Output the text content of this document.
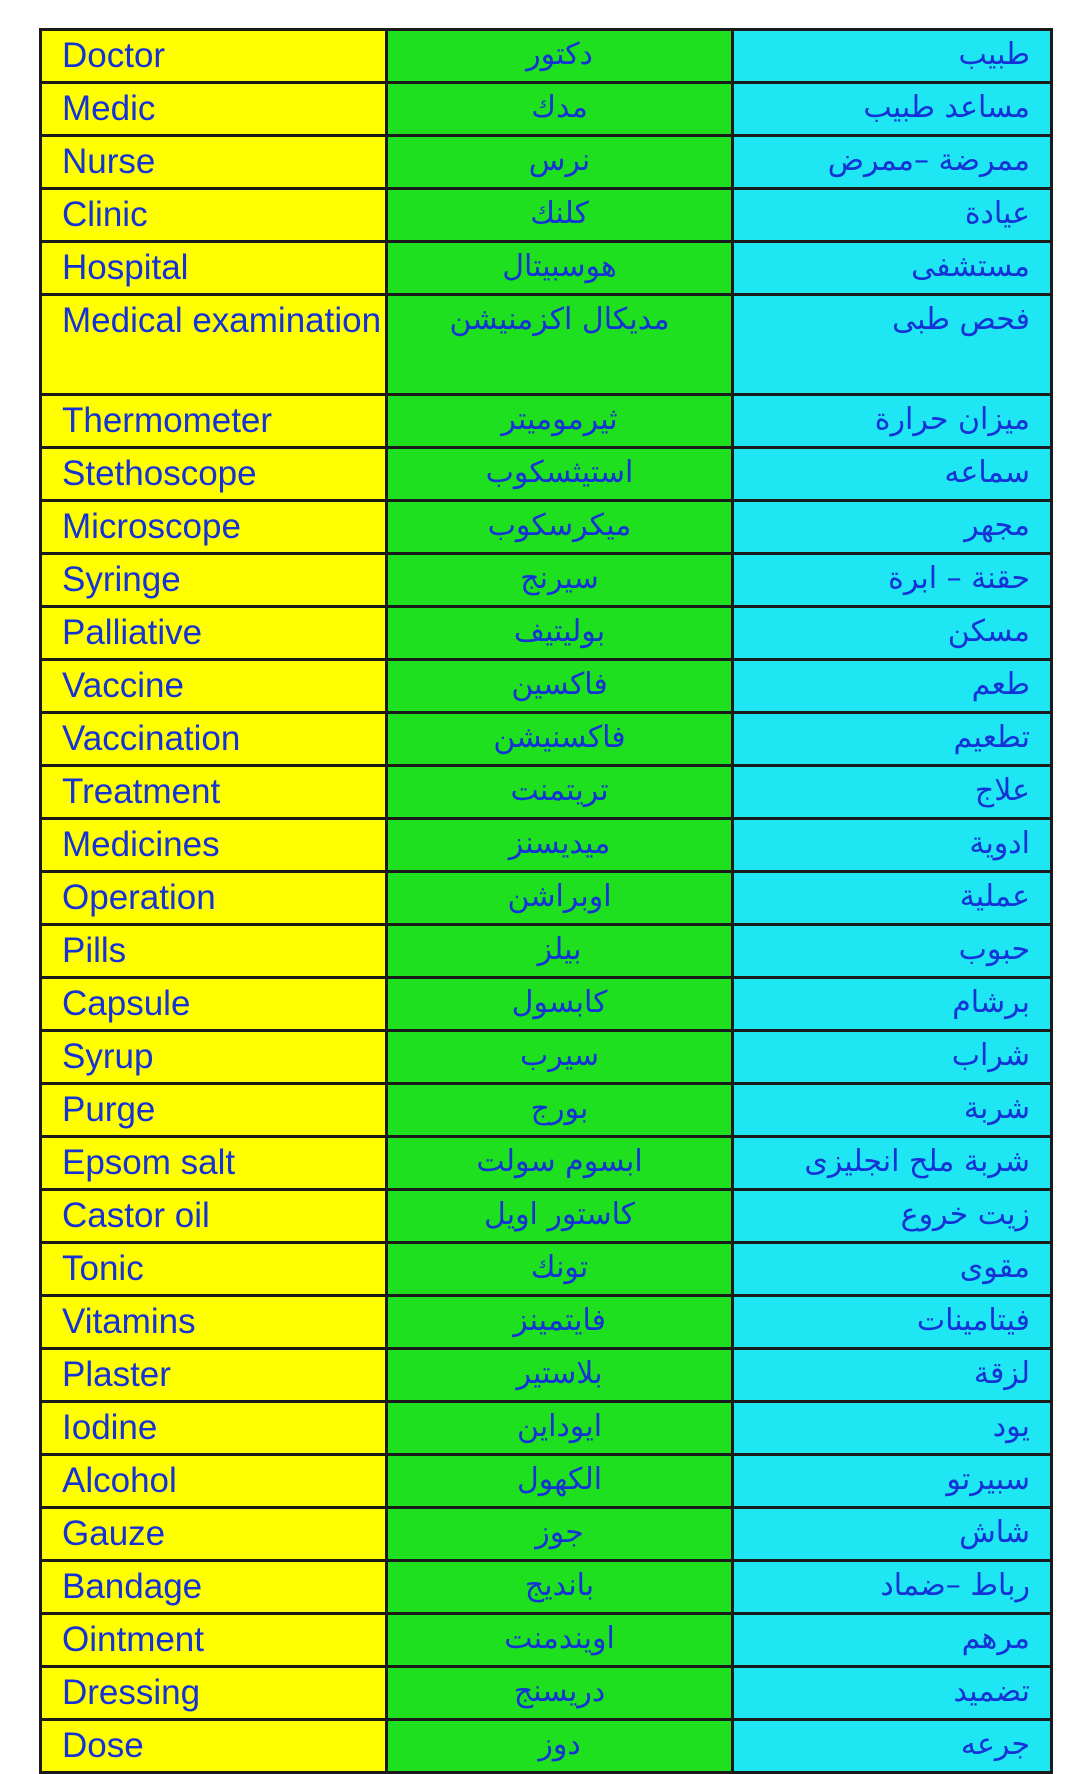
Doctor	دكتور	طبيب

Medic	مدك	مساعد طبيب

Nurse	نرس	ممرضة –ممرض

Clinic	كلنك	عيادة

Hospital	هوسبيتال	مستشفى

Medical examination	مديكال اكزمنيشن	فحص طبى

Thermometer	ثيرموميتر	ميزان حرارة

Stethoscope	استيثسكوب	سماعه

Microscope	ميكرسكوب	مجهر

Syringe	سيرنج	حقنة – ابرة

Palliative	بوليتيف	مسكن

Vaccine	فاكسين	طعم

Vaccination	فاكسنيشن	تطعيم

Treatment	تريتمنت	علاج

Medicines	ميديسنز	ادوية

Operation	اوبراشن	عملية

Pills	بيلز	حبوب

Capsule	كابسول	برشام

Syrup	سيرب	شراب

Purge	بورج	شربة

Epsom salt	ابسوم سولت	شربة ملح انجليزى

Castor oil	كاستور اويل	زيت خروع

Tonic	تونك	مقوى

Vitamins	فايتمينز	فيتامينات

Plaster	بلاستير	لزقة

Iodine	ايوداين	يود

Alcohol	الكهول	سبيرتو

Gauze	جوز	شاش

Bandage	باندیج	رباط –ضماد

Ointment	اويندمنت	مرهم

Dressing	دريسنج	تضميد

Dose	دوز	جرعه
